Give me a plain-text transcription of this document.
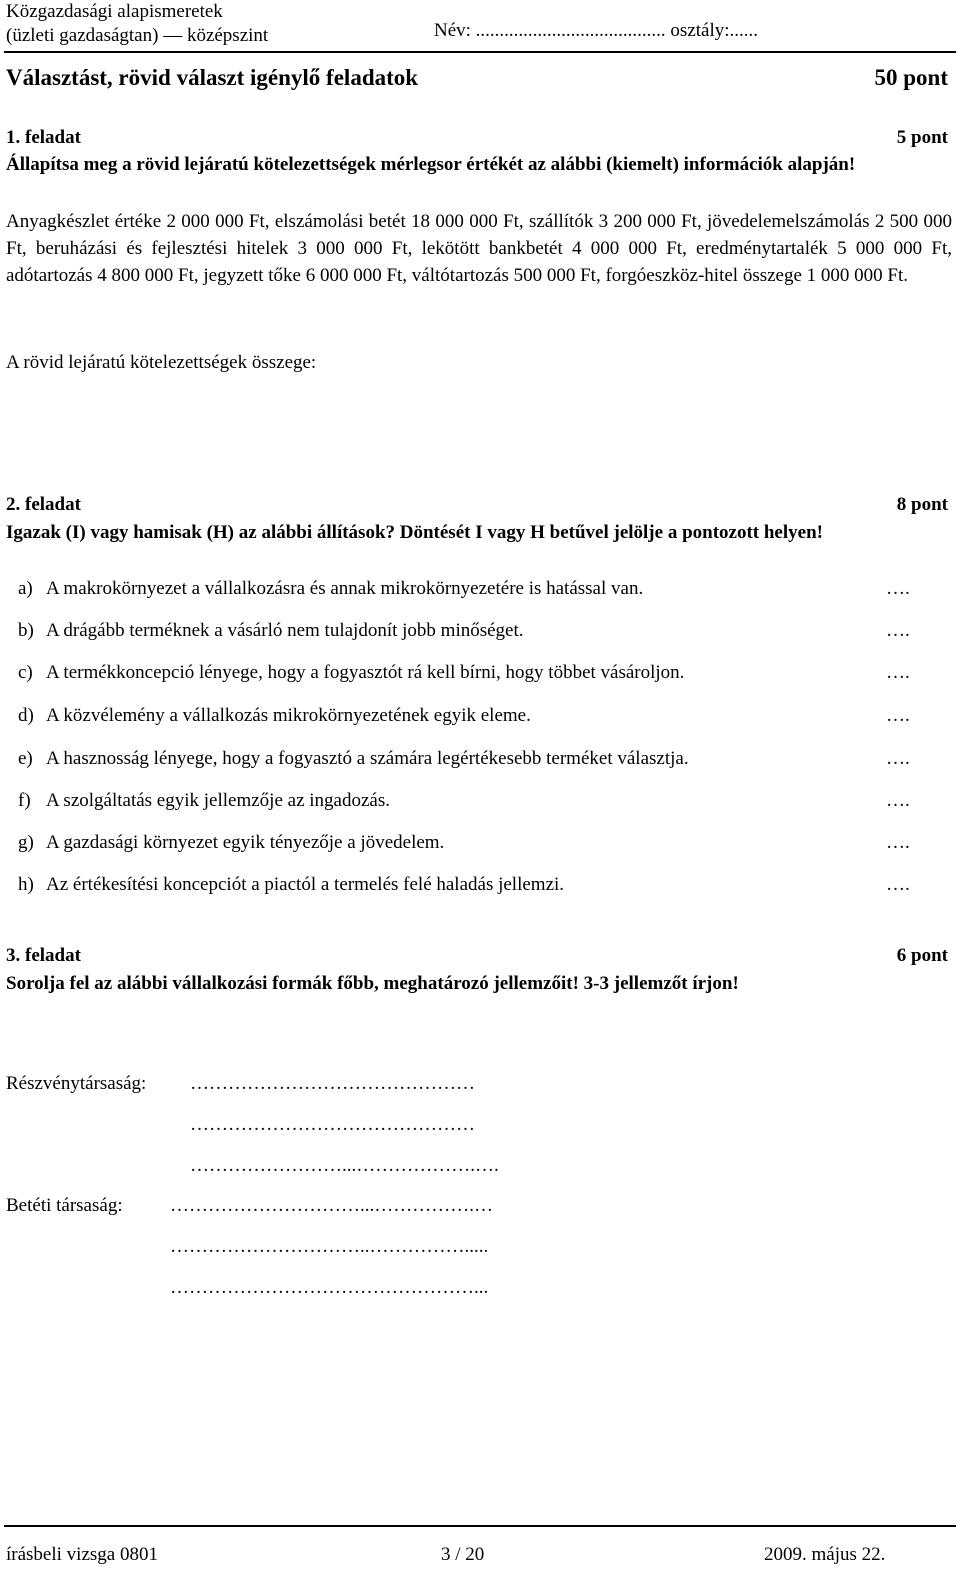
Közgazdasági alapismeretek
(üzleti gazdaságtan) — középszint	Név: ........................................ osztály:......
Választást, rövid választ igénylő feladatok	50 pont
1. feladat	5 pont
Állapítsa meg a rövid lejáratú kötelezettségek mérlegsor értékét az alábbi (kiemelt) információk alapján!
Anyagkészlet értéke 2 000 000 Ft, elszámolási betét 18 000 000 Ft, szállítók 3 200 000 Ft, jövedelemelszámolás 2 500 000 Ft, beruházási és fejlesztési hitelek 3 000 000 Ft, lekötött bankbetét 4 000 000 Ft, eredménytartalék 5 000 000 Ft, adótartozás 4 800 000 Ft, jegyzett tőke 6 000 000 Ft, váltótartozás 500 000 Ft, forgóeszköz-hitel összege 1 000 000 Ft.
A rövid lejáratú kötelezettségek összege:
2. feladat	8 pont
Igazak (I) vagy hamisak (H) az alábbi állítások? Döntését I vagy H betűvel jelölje a pontozott helyen!
a) A makrokörnyezet a vállalkozásra és annak mikrokörnyezetére is hatással van.	….
b) A drágább terméknek a vásárló nem tulajdonít jobb minőséget.	….
c) A termékkoncepció lényege, hogy a fogyasztót rá kell bírni, hogy többet vásároljon.	….
d) A közvélemény a vállalkozás mikrokörnyezetének egyik eleme.	….
e) A hasznosság lényege, hogy a fogyasztó a számára legértékesebb terméket választja.	….
f) A szolgáltatás egyik jellemzője az ingadozás.	….
g) A gazdasági környezet egyik tényezője a jövedelem.	….
h) Az értékesítési koncepciót a piactól a termelés felé haladás jellemzi.	….
3. feladat	6 pont
Sorolja fel az alábbi vállalkozási formák főbb, meghatározó jellemzőit! 3-3 jellemzőt írjon!
Részvénytársaság: ………………………………………
………………………………………
……………………...……………….….
Betéti társaság: …………………………...…………….…
…………………………..…………….....
…………………………………………...
írásbeli vizsga 0801	3 / 20	2009. május 22.
